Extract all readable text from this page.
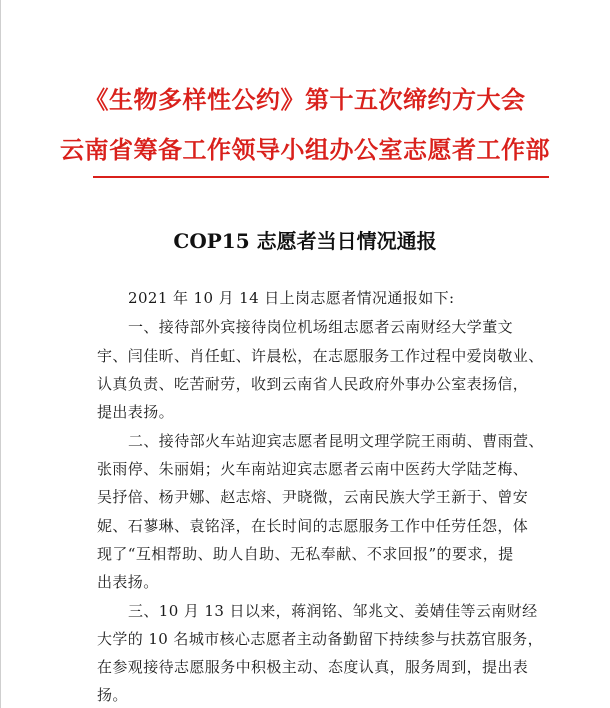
《生物多样性公约》第十五次缔约方大会
云南省筹备工作领导小组办公室志愿者工作部
COP15 志愿者当日情况通报
2021 年 10 月 14 日上岗志愿者情况通报如下:
一、接待部外宾接待岗位机场组志愿者云南财经大学董文
宇、闫佳昕、肖任虹、许晨松，在志愿服务工作过程中爱岗敬业、
认真负责、吃苦耐劳，收到云南省人民政府外事办公室表扬信，
提出表扬。
二、接待部火车站迎宾志愿者昆明文理学院王雨萌、曹雨萱、
张雨停、朱丽娟；火车南站迎宾志愿者云南中医药大学陆芝梅、
吴抒倍、杨尹娜、赵志熔、尹晓微，云南民族大学王新于、曾安
妮、石蓼琳、袁铭泽，在长时间的志愿服务工作中任劳任怨，体
现了“互相帮助、助人自助、无私奉献、不求回报”的要求，提
出表扬。
三、10 月 13 日以来，蒋润铭、邹兆文、姜婧佳等云南财经
大学的 10 名城市核心志愿者主动备勤留下持续参与扶荔官服务，
在参观接待志愿服务中积极主动、态度认真，服务周到，提出表
扬。
